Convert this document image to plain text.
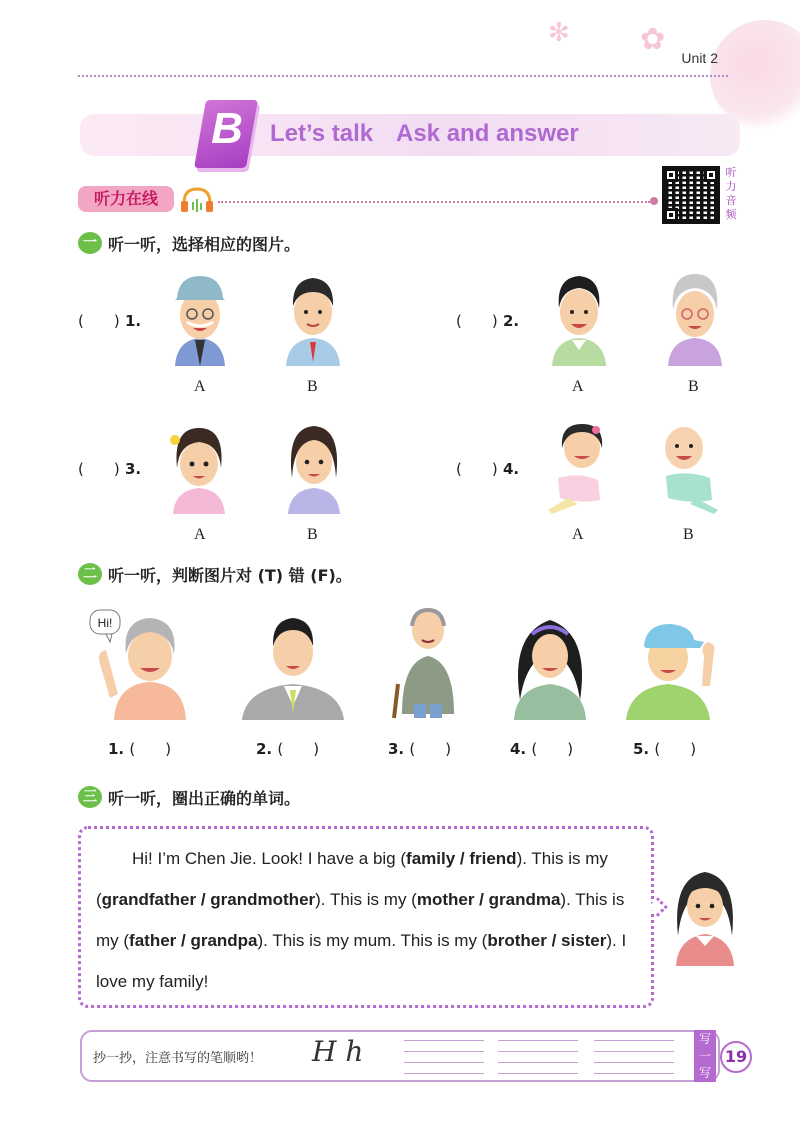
✻ ✿
Unit 2
B Let’s talk Ask and answer
听力在线
听力音频
一 听一听，选择相应的图片。
(　　) 1.
A	B
(　　) 2.
A	B
(　　) 3.
A	B
(　　) 4.
A	B
二 听一听，判断图片对 (T) 错 (F)。
Hi!
1. (　　)	2. (　　)	3. (　　)	4. (　　)	5. (　　)
三 听一听，圈出正确的单词。
Hi! I’m Chen Jie. Look! I have a big (family / friend). This is my (grandfather / grandmother). This is my (mother / grandma). This is my (father / grandpa). This is my mum. This is my (brother / sister). I love my family!
抄一抄，注意书写的笔顺哟！ H h	写一写
19
